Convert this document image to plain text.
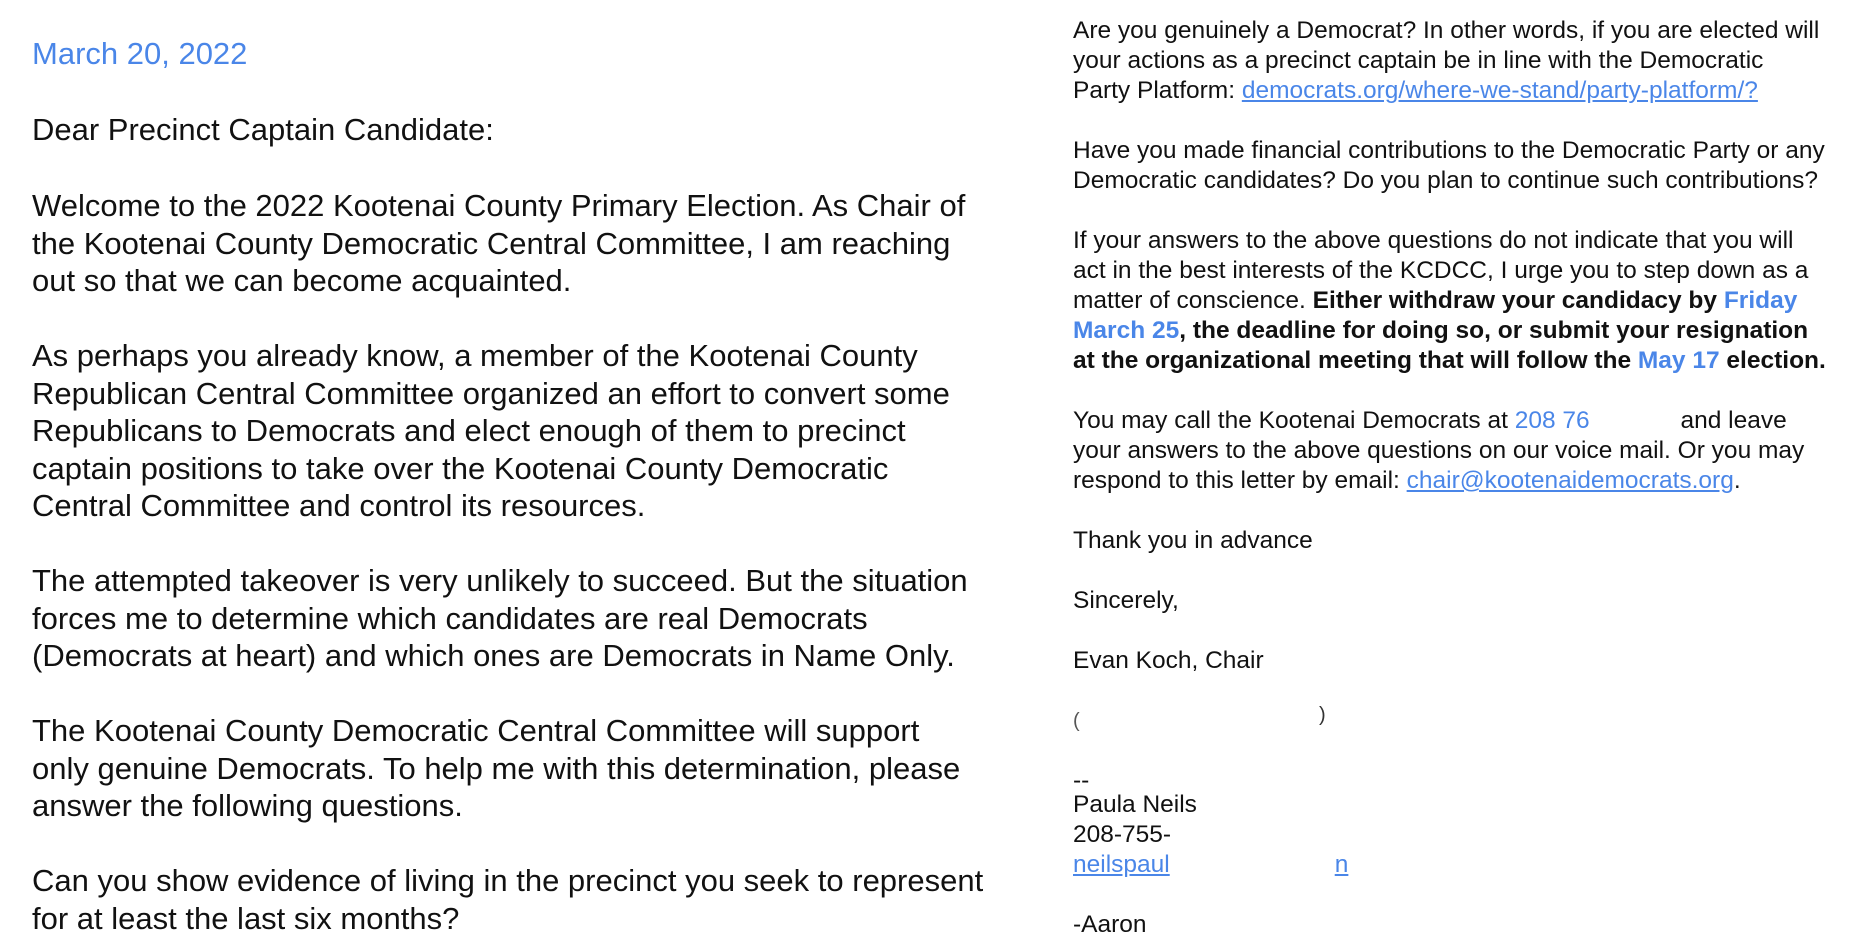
March 20, 2022

Dear Precinct Captain Candidate:

Welcome to the 2022 Kootenai County Primary Election. As Chair of

the Kootenai County Democratic Central Committee, I am reaching

out so that we can become acquainted.

As perhaps you already know, a member of the Kootenai County

Republican Central Committee organized an effort to convert some

Republicans to Democrats and elect enough of them to precinct

captain positions to take over the Kootenai County Democratic

Central Committee and control its resources.

The attempted takeover is very unlikely to succeed. But the situation

forces me to determine which candidates are real Democrats

(Democrats at heart) and which ones are Democrats in Name Only.

The Kootenai County Democratic Central Committee will support

only genuine Democrats. To help me with this determination, please

answer the following questions.

Can you show evidence of living in the precinct you seek to represent

for at least the last six months?

Are you genuinely a Democrat? In other words, if you are elected will

your actions as a precinct captain be in line with the Democratic

Party Platform: democrats.org/where-we-stand/party-platform/?

Have you made financial contributions to the Democratic Party or any

Democratic candidates? Do you plan to continue such contributions?

If your answers to the above questions do not indicate that you will

act in the best interests of the KCDCC, I urge you to step down as a

matter of conscience. Either withdraw your candidacy by Friday

March 25, the deadline for doing so, or submit your resignation

at the organizational meeting that will follow the May 17 election.

You may call the Kootenai Democrats at 208 76	and leave

your answers to the above questions on our voice mail. Or you may

respond to this letter by email: chair@kootenaidemocrats.org.

Thank you in advance

Sincerely,

Evan Koch, Chair

(	)

--

Paula Neils

208-755-

neilspaul	n

-Aaron
